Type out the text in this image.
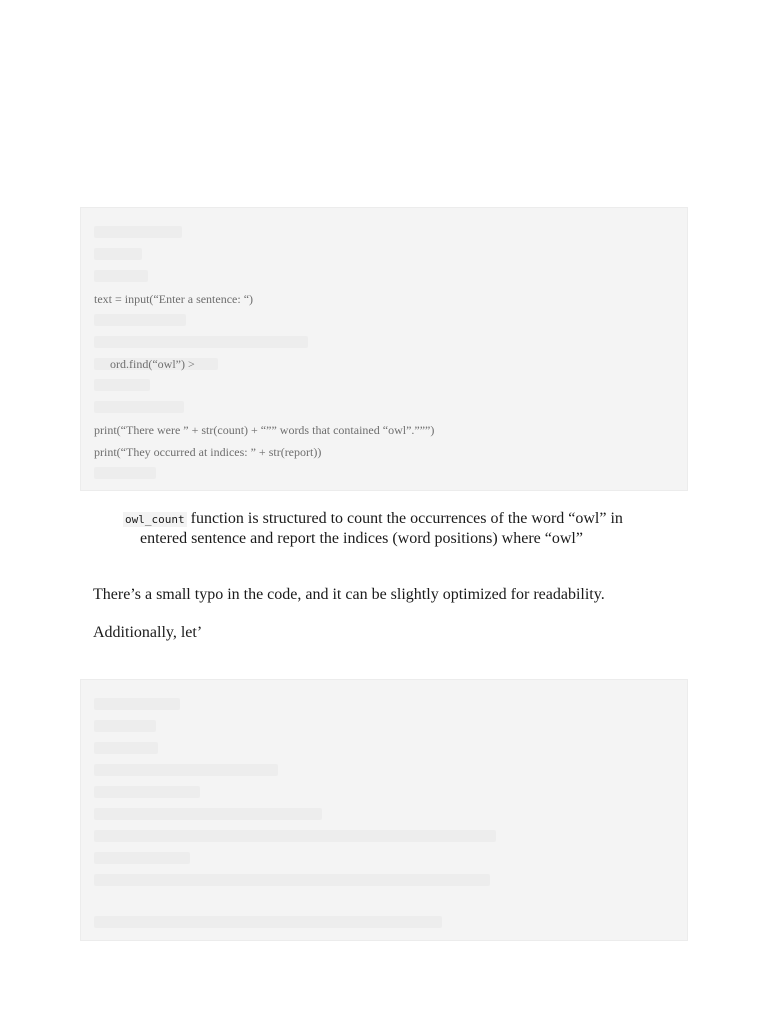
text = input(“Enter a sentence: “)
ord.find(“owl”) >
print(“There were ” + str(count) + “”” words that contained “owl”.”””)
print(“They occurred at indices: ” + str(report))
owl_count function is structured to count the occurrences of the word “owl” in
entered sentence and report the indices (word positions) where “owl”
There’s a small typo in the code, and it can be slightly optimized for readability.
Additionally, let’
